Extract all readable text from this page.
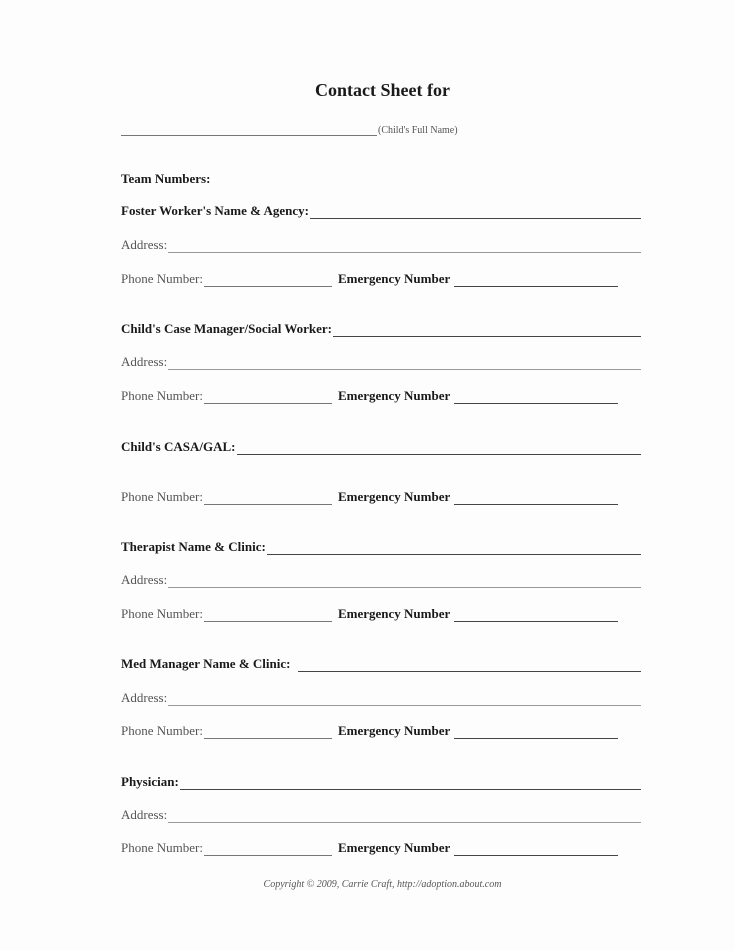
Contact Sheet for
(Child's Full Name)
Team Numbers:
Foster Worker's Name & Agency:
Address:
Phone Number:	Emergency Number
Child's Case Manager/Social Worker:
Address:
Phone Number:	Emergency Number
Child's CASA/GAL:
Phone Number:	Emergency Number
Therapist Name & Clinic:
Address:
Phone Number:	Emergency Number
Med Manager Name & Clinic:
Address:
Phone Number:	Emergency Number
Physician:
Address:
Phone Number:	Emergency Number
Copyright © 2009, Carrie Craft, http://adoption.about.com
